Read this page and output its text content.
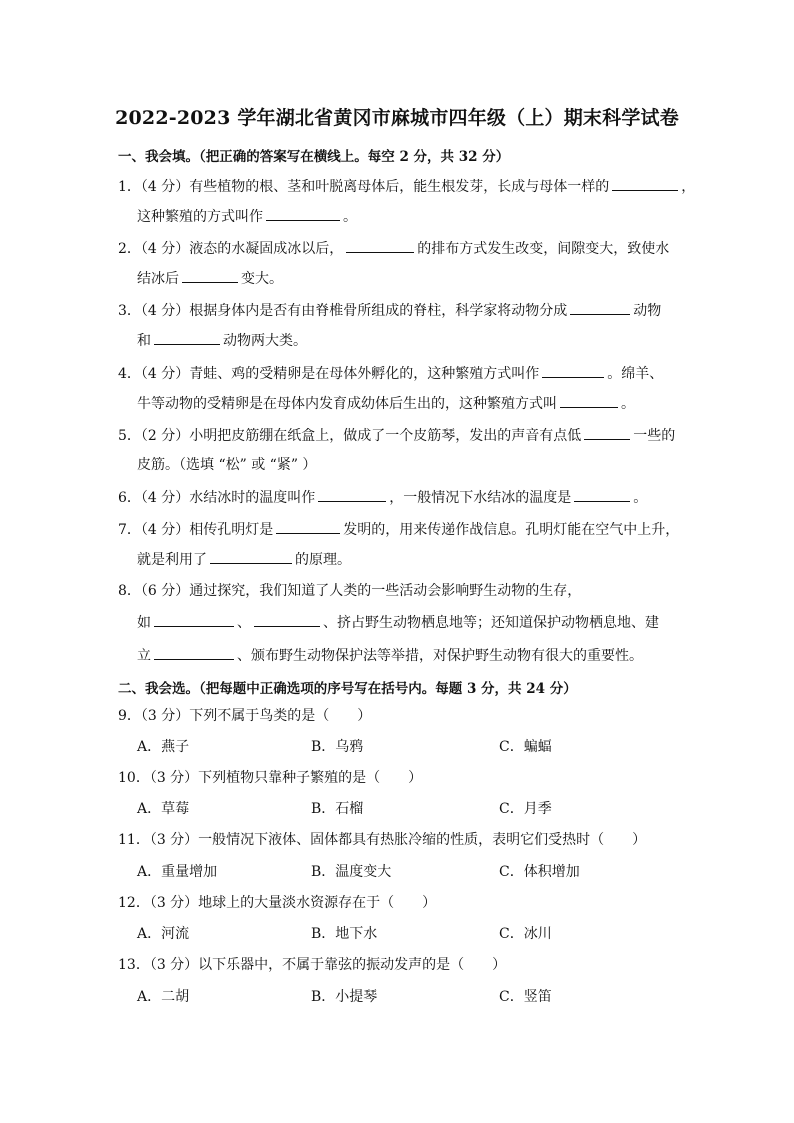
2022-2023 学年湖北省黄冈市麻城市四年级（上）期末科学试卷
一、我会填。（把正确的答案写在横线上。每空 2 分，共 32 分）
1．（4 分）有些植物的根、茎和叶脱离母体后，能生根发芽，长成与母体一样的	，
这种繁殖的方式叫作	。
2．（4 分）液态的水凝固成冰以后，	的排布方式发生改变，间隙变大，致使水
结冰后	变大。
3．（4 分）根据身体内是否有由脊椎骨所组成的脊柱，科学家将动物分成	动物
和	动物两大类。
4．（4 分）青蛙、鸡的受精卵是在母体外孵化的，这种繁殖方式叫作	。绵羊、
牛等动物的受精卵是在母体内发育成幼体后生出的，这种繁殖方式叫	。
5．（2 分）小明把皮筋绷在纸盒上，做成了一个皮筋琴，发出的声音有点低	一些的
皮筋。（选填 “松” 或 “紧” ）
6．（4 分）水结冰时的温度叫作	，一般情况下水结冰的温度是	。
7．（4 分）相传孔明灯是	发明的，用来传递作战信息。孔明灯能在空气中上升，
就是利用了	的原理。
8．（6 分）通过探究，我们知道了人类的一些活动会影响野生动物的生存，
如	、	、挤占野生动物栖息地等；还知道保护动物栖息地、建
立	、颁布野生动物保护法等举措，对保护野生动物有很大的重要性。
二、我会选。（把每题中正确选项的序号写在括号内。每题 3 分，共 24 分）
9．（3 分）下列不属于鸟类的是（　　）
A．燕子	B．乌鸦	C．蝙蝠
10．（3 分）下列植物只靠种子繁殖的是（　　）
A．草莓	B．石榴	C．月季
11．（3 分）一般情况下液体、固体都具有热胀冷缩的性质，表明它们受热时（　　）
A．重量增加	B．温度变大	C．体积增加
12．（3 分）地球上的大量淡水资源存在于（　　）
A．河流	B．地下水	C．冰川
13．（3 分）以下乐器中，不属于靠弦的振动发声的是（　　）
A．二胡	B．小提琴	C．竖笛
